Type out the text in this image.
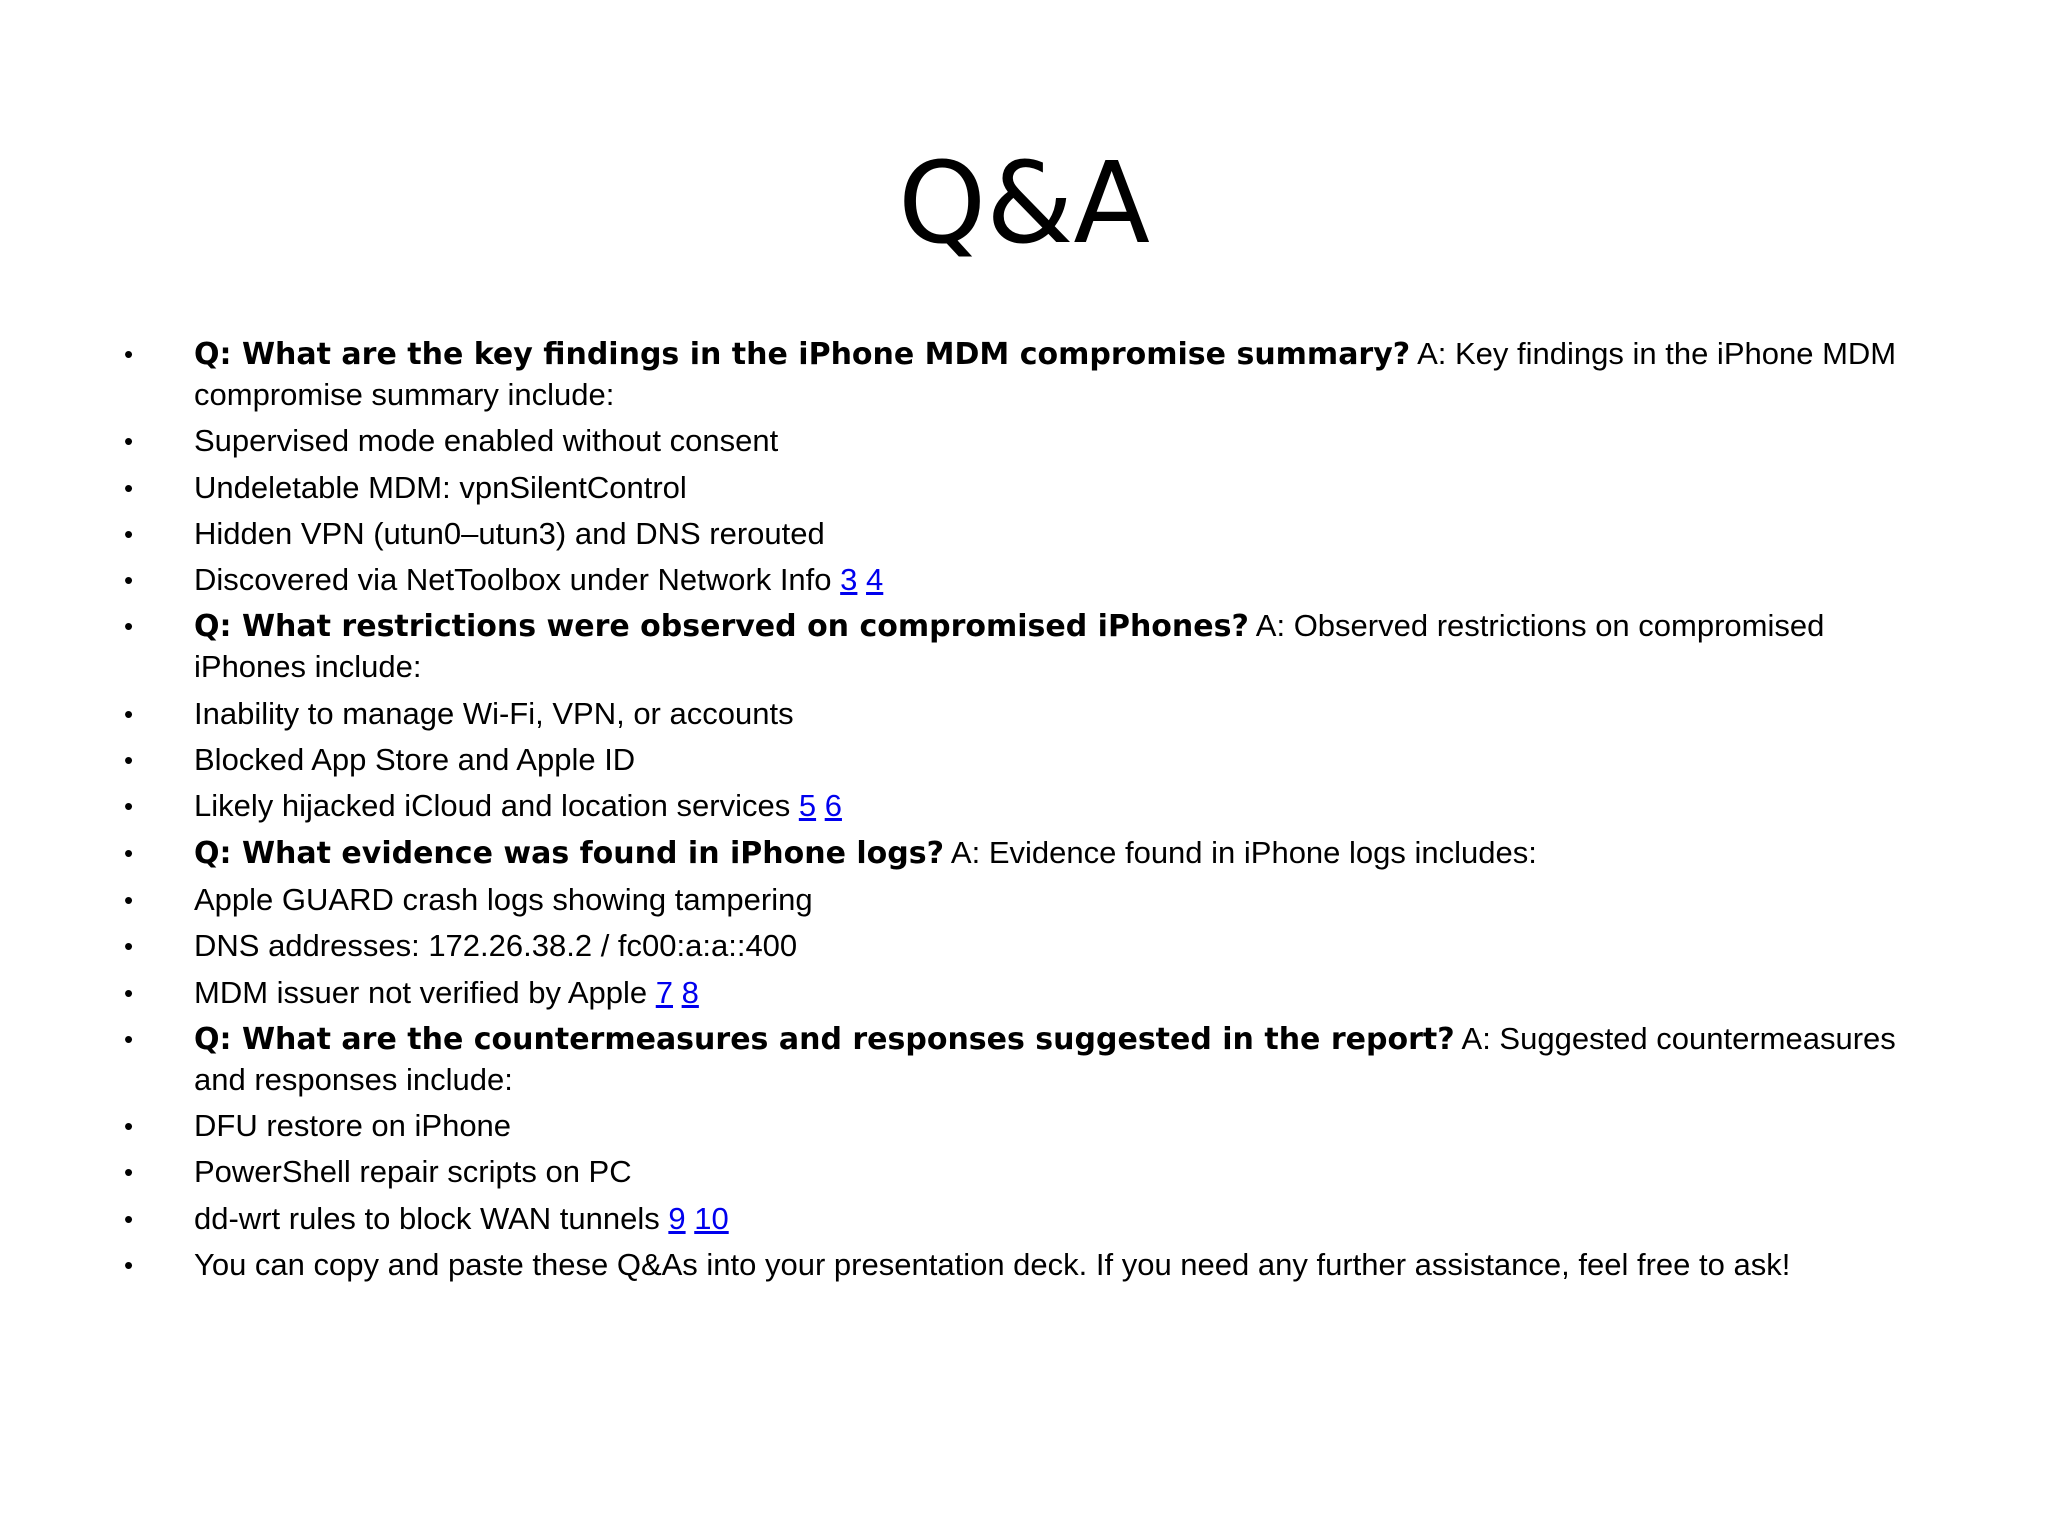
Q&A
• Q: What are the key findings in the iPhone MDM compromise summary? A: Key findings in the iPhone MDM compromise summary include:
• Supervised mode enabled without consent
• Undeletable MDM: vpnSilentControl
• Hidden VPN (utun0–utun3) and DNS rerouted
• Discovered via NetToolbox under Network Info 3 4
• Q: What restrictions were observed on compromised iPhones? A: Observed restrictions on compromised iPhones include:
• Inability to manage Wi-Fi, VPN, or accounts
• Blocked App Store and Apple ID
• Likely hijacked iCloud and location services 5 6
• Q: What evidence was found in iPhone logs? A: Evidence found in iPhone logs includes:
• Apple GUARD crash logs showing tampering
• DNS addresses: 172.26.38.2 / fc00:a:a::400
• MDM issuer not verified by Apple 7 8
• Q: What are the countermeasures and responses suggested in the report? A: Suggested countermeasures and responses include:
• DFU restore on iPhone
• PowerShell repair scripts on PC
• dd-wrt rules to block WAN tunnels 9 10
• You can copy and paste these Q&As into your presentation deck. If you need any further assistance, feel free to ask!
